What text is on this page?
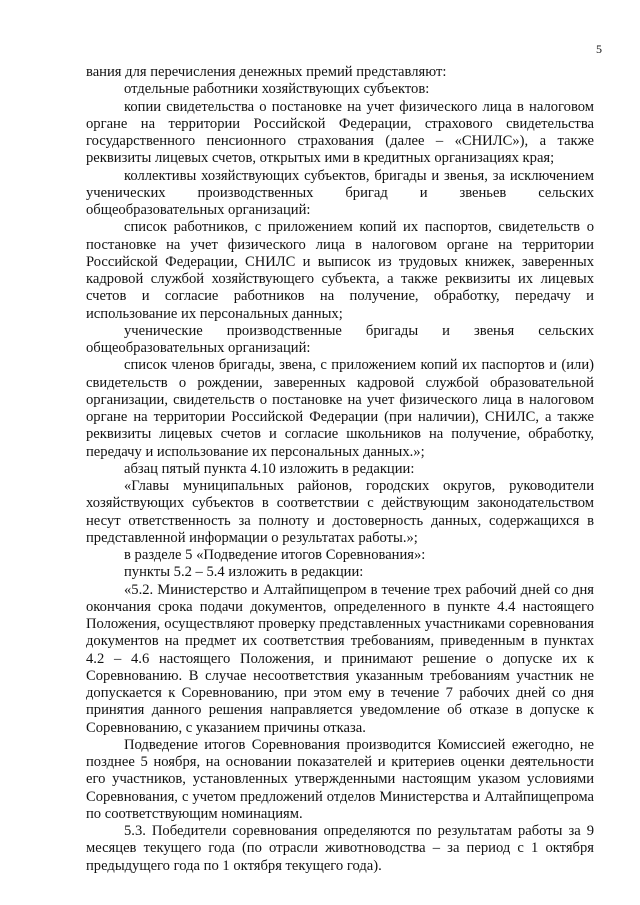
5

вания для перечисления денежных премий представляют:

отдельные работники хозяйствующих субъектов:

копии свидетельства о постановке на учет физического лица в налоговом органе на территории Российской Федерации, страхового свидетельства государственного пенсионного страхования (далее – «СНИЛС»), а также реквизиты лицевых счетов, открытых ими в кредитных организациях края;

коллективы хозяйствующих субъектов, бригады и звенья, за исключением ученических производственных бригад и звеньев сельских общеобразовательных организаций:

список работников, с приложением копий их паспортов, свидетельств о постановке на учет физического лица в налоговом органе на территории Российской Федерации, СНИЛС и выписок из трудовых книжек, заверенных кадровой службой хозяйствующего субъекта, а также реквизиты их лицевых счетов и согласие работников на получение, обработку, передачу и использование их персональных данных;

ученические производственные бригады и звенья сельских общеобразовательных организаций:

список членов бригады, звена, с приложением копий их паспортов и (или) свидетельств о рождении, заверенных кадровой службой образовательной организации, свидетельств о постановке на учет физического лица в налоговом органе на территории Российской Федерации (при наличии), СНИЛС, а также реквизиты лицевых счетов и согласие школьников на получение, обработку, передачу и использование их персональных данных.»;

абзац пятый пункта 4.10 изложить в редакции:

«Главы муниципальных районов, городских округов, руководители хозяйствующих субъектов в соответствии с действующим законодательством несут ответственность за полноту и достоверность данных, содержащихся в представленной информации о результатах работы.»;

в разделе 5 «Подведение итогов Соревнования»:

пункты 5.2 – 5.4 изложить в редакции:

«5.2. Министерство и Алтайпищепром в течение трех рабочий дней со дня окончания срока подачи документов, определенного в пункте 4.4 настоящего Положения, осуществляют проверку представленных участниками соревнования документов на предмет их соответствия требованиям, приведенным в пунктах 4.2 – 4.6 настоящего Положения, и принимают решение о допуске их к Соревнованию. В случае несоответствия указанным требованиям участник не допускается к Соревнованию, при этом ему в течение 7 рабочих дней со дня принятия данного решения направляется уведомление об отказе в допуске к Соревнованию, с указанием причины отказа.

Подведение итогов Соревнования производится Комиссией ежегодно, не позднее 5 ноября, на основании показателей и критериев оценки деятельности его участников, установленных утвержденными настоящим указом условиями Соревнования, с учетом предложений отделов Министерства и Алтайпищепрома по соответствующим номинациям.

5.3. Победители соревнования определяются по результатам работы за 9 месяцев текущего года (по отрасли животноводства – за период с 1 октября предыдущего года по 1 октября текущего года).
